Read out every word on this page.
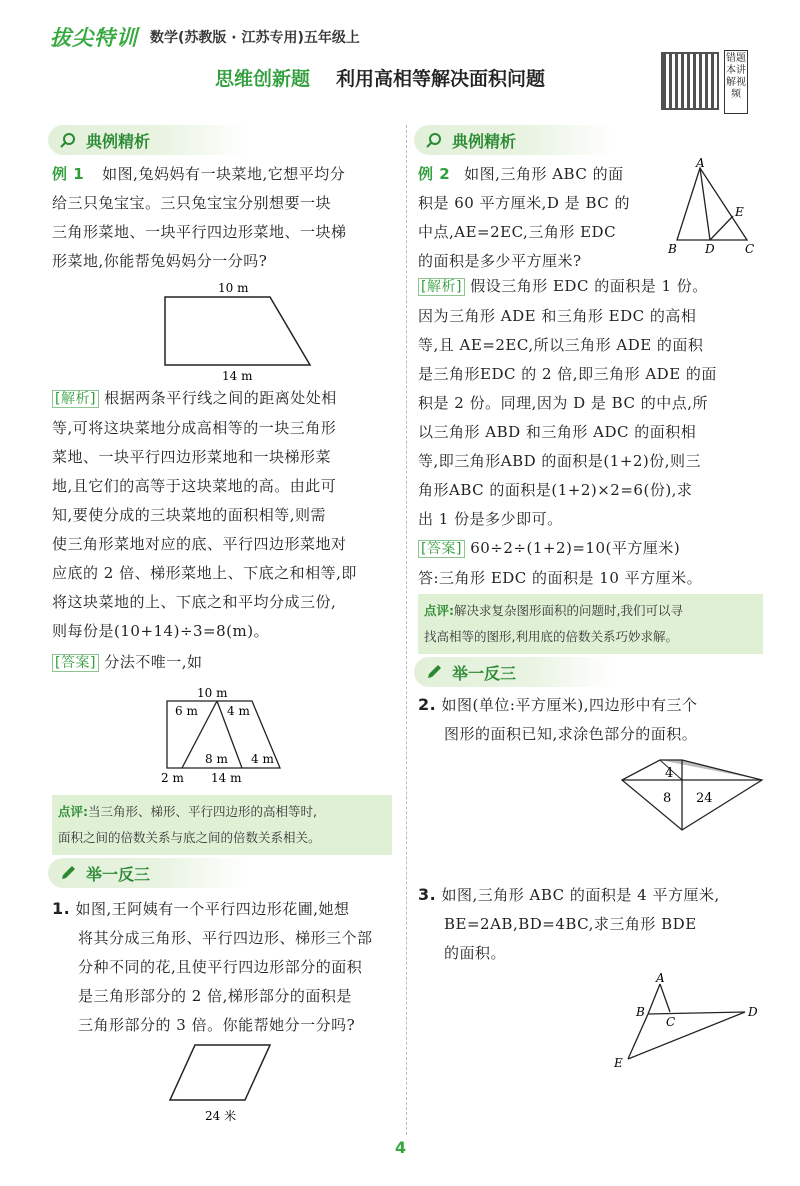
拔尖特训 数学(苏教版 · 江苏专用)五年级上
思维创新题 利用高相等解决面积问题
错题本讲解视频
典例精析
例 1 如图,兔妈妈有一块菜地,它想平均分
给三只兔宝宝。三只兔宝宝分别想要一块
三角形菜地、一块平行四边形菜地、一块梯
形菜地,你能帮兔妈妈分一分吗?
10 m
14 m
[解析] 根据两条平行线之间的距离处处相
等,可将这块菜地分成高相等的一块三角形
菜地、一块平行四边形菜地和一块梯形菜
地,且它们的高等于这块菜地的高。由此可
知,要使分成的三块菜地的面积相等,则需
使三角形菜地对应的底、平行四边形菜地对
应底的 2 倍、梯形菜地上、下底之和相等,即
将这块菜地的上、下底之和平均分成三份,
则每份是(10+14)÷3=8(m)。
[答案] 分法不唯一,如
10 m
6 m 4 m
8 m 4 m
2 m 14 m
点评:当三角形、梯形、平行四边形的高相等时,
面积之间的倍数关系与底之间的倍数关系相关。
举一反三
1. 如图,王阿姨有一个平行四边形花圃,她想
将其分成三角形、平行四边形、梯形三个部
分种不同的花,且使平行四边形部分的面积
是三角形部分的 2 倍,梯形部分的面积是
三角形部分的 3 倍。你能帮她分一分吗?
24 米
典例精析
例 2 如图,三角形 ABC 的面
积是 60 平方厘米,D 是 BC 的
中点,AE=2EC,三角形 EDC
的面积是多少平方厘米?
A
B	C
D
E
[解析] 假设三角形 EDC 的面积是 1 份。
因为三角形 ADE 和三角形 EDC 的高相
等,且 AE=2EC,所以三角形 ADE 的面积
是三角形EDC 的 2 倍,即三角形 ADE 的面
积是 2 份。同理,因为 D 是 BC 的中点,所
以三角形 ABD 和三角形 ADC 的面积相
等,即三角形ABD 的面积是(1+2)份,则三
角形ABC 的面积是(1+2)×2=6(份),求
出 1 份是多少即可。
[答案] 60÷2÷(1+2)=10(平方厘米)
答:三角形 EDC 的面积是 10 平方厘米。
点评:解决求复杂图形面积的问题时,我们可以寻
找高相等的图形,利用底的倍数关系巧妙求解。
举一反三
2. 如图(单位:平方厘米),四边形中有三个
图形的面积已知,求涂色部分的面积。
4
8 24
3. 如图,三角形 ABC 的面积是 4 平方厘米,
BE=2AB,BD=4BC,求三角形 BDE
的面积。
A
B
C
D
E
4
